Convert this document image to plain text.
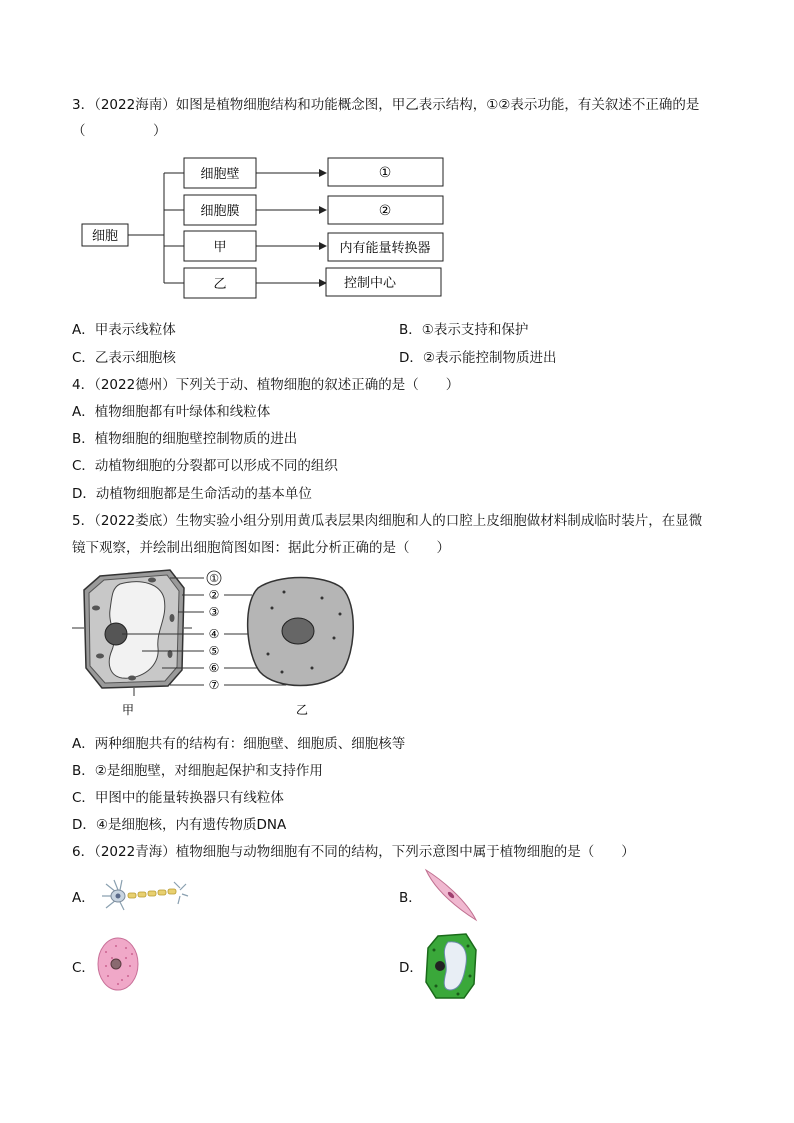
3．（2022海南）如图是植物细胞结构和功能概念图，甲乙表示结构，①②表示功能，有关叙述不正确的是
（　　　　　）
细胞
细胞壁
细胞膜
甲
乙
①
②
内有能量转换器
控制中心
A．甲表示线粒体	B．①表示支持和保护
C．乙表示细胞核	D．②表示能控制物质进出
4．（2022德州）下列关于动、植物细胞的叙述正确的是（　　）
A．植物细胞都有叶绿体和线粒体
B．植物细胞的细胞壁控制物质的进出
C．动植物细胞的分裂都可以形成不同的组织
D．动植物细胞都是生命活动的基本单位
5．（2022娄底）生物实验小组分别用黄瓜表层果肉细胞和人的口腔上皮细胞做材料制成临时装片，在显微
镜下观察，并绘制出细胞简图如图：据此分析正确的是（　　）
①
②
③
④
⑤
⑥
⑦
甲	乙
A．两种细胞共有的结构有：细胞壁、细胞质、细胞核等
B．②是细胞壁，对细胞起保护和支持作用
C．甲图中的能量转换器只有线粒体
D．④是细胞核，内有遗传物质DNA
6．（2022青海）植物细胞与动物细胞有不同的结构，下列示意图中属于植物细胞的是（　　）
A．	B．
C．	D．
